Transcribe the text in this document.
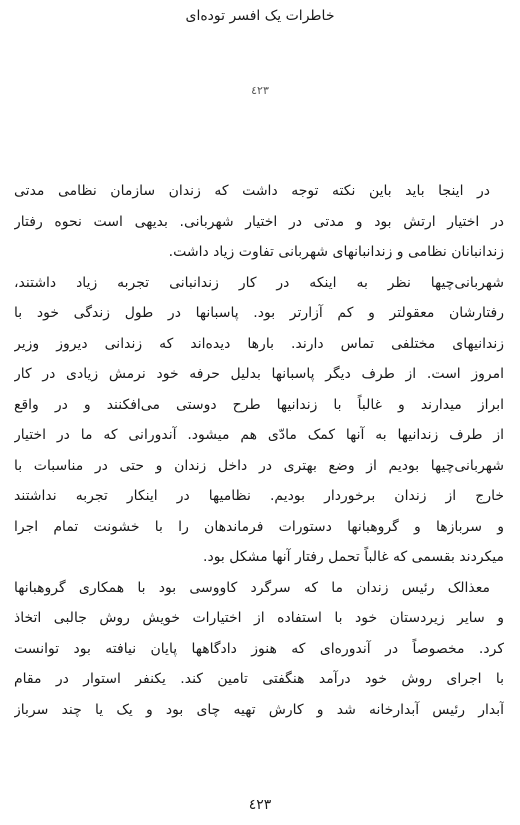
خاطرات یک افسر توده‌ای
٤٢٣
در اینجا باید باین نکته توجه داشت که زندان سازمان نظامی مدتی
در اختیار ارتش بود و مدتی در اختیار شهربانی. بدیهی است نحوه رفتار
زندانبانان نظامی و زندانبانهای شهربانی تفاوت زیاد داشت.
شهربانی‌چیها نظر به اینکه در کار زندانبانی تجربه زیاد داشتند،
رفتارشان معقولتر و کم آزارتر بود. پاسبانها در طول زندگی خود با
زندانیهای مختلفی تماس دارند. بارها دیده‌اند که زندانی دیروز وزیر
امروز است. از طرف دیگر پاسبانها بدلیل حرفه خود نرمش زیادی در کار
ابراز میدارند و غالباً با زندانیها طرح دوستی می‌افکنند و در واقع
از طرف زندانیها به آنها کمک مادّی هم میشود. آندورانی که ما در اختیار
شهربانی‌چیها بودیم از وضع بهتری در داخل زندان و حتی در مناسبات با
خارج از زندان برخوردار بودیم. نظامیها در اینکار تجربه نداشتند
و سربازها و گروهبانها دستورات فرماندهان را با خشونت تمام اجرا
میکردند بقسمی که غالباً تحمل رفتار آنها مشکل بود.
معذالک رئیس زندان ما که سرگرد کاووسی بود با همکاری گروهبانها
و سایر زیردستان خود با استفاده از اختیارات خویش روش جالبی اتخاذ
کرد. مخصوصاً در آندوره‌ای که هنوز دادگاهها پایان نیافته بود توانست
با اجرای روش خود درآمد هنگفتی تامین کند. یکنفر استوار در مقام
آبدار رئیس آبدارخانه شد و کارش تهیه چای بود و یک یا چند سرباز
٤٢٣
